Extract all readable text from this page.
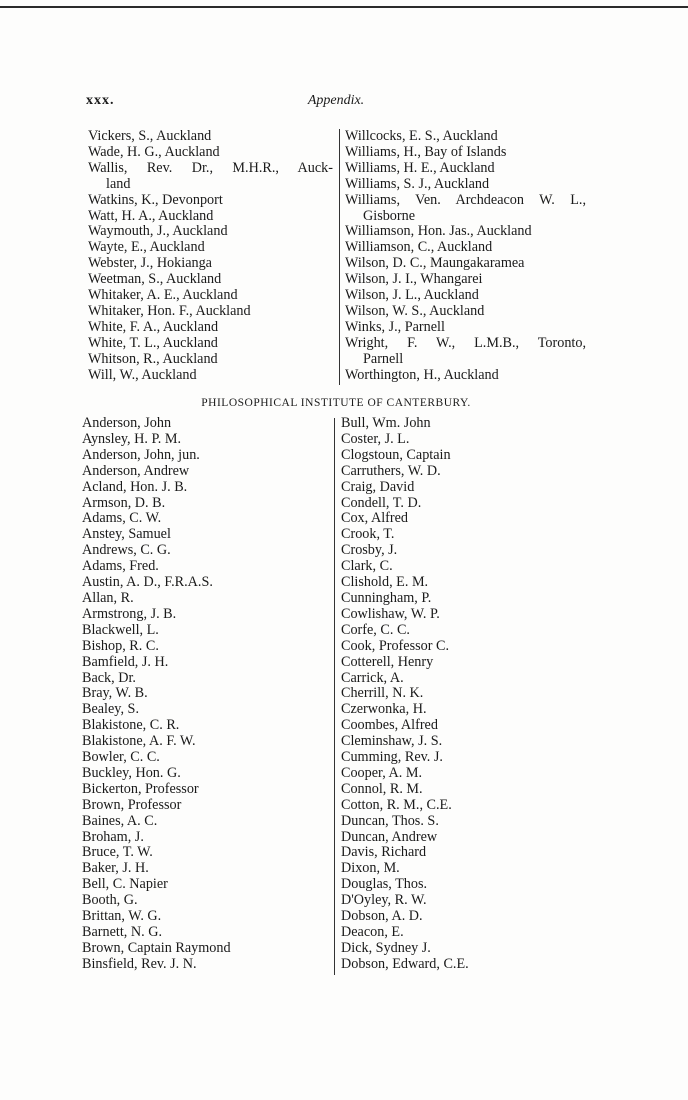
xxx.	Appendix.
Vickers, S., Auckland
Wade, H. G., Auckland
Wallis, Rev. Dr., M.H.R., Auck-
land
Watkins, K., Devonport
Watt, H. A., Auckland
Waymouth, J., Auckland
Wayte, E., Auckland
Webster, J., Hokianga
Weetman, S., Auckland
Whitaker, A. E., Auckland
Whitaker, Hon. F., Auckland
White, F. A., Auckland
White, T. L., Auckland
Whitson, R., Auckland
Will, W., Auckland
Willcocks, E. S., Auckland
Williams, H., Bay of Islands
Williams, H. E., Auckland
Williams, S. J., Auckland
Williams, Ven. Archdeacon W. L.,
Gisborne
Williamson, Hon. Jas., Auckland
Williamson, C., Auckland
Wilson, D. C., Maungakaramea
Wilson, J. I., Whangarei
Wilson, J. L., Auckland
Wilson, W. S., Auckland
Winks, J., Parnell
Wright, F. W., L.M.B., Toronto,
Parnell
Worthington, H., Auckland
PHILOSOPHICAL INSTITUTE OF CANTERBURY.
Anderson, John
Aynsley, H. P. M.
Anderson, John, jun.
Anderson, Andrew
Acland, Hon. J. B.
Armson, D. B.
Adams, C. W.
Anstey, Samuel
Andrews, C. G.
Adams, Fred.
Austin, A. D., F.R.A.S.
Allan, R.
Armstrong, J. B.
Blackwell, L.
Bishop, R. C.
Bamfield, J. H.
Back, Dr.
Bray, W. B.
Bealey, S.
Blakistone, C. R.
Blakistone, A. F. W.
Bowler, C. C.
Buckley, Hon. G.
Bickerton, Professor
Brown, Professor
Baines, A. C.
Broham, J.
Bruce, T. W.
Baker, J. H.
Bell, C. Napier
Booth, G.
Brittan, W. G.
Barnett, N. G.
Brown, Captain Raymond
Binsfield, Rev. J. N.
Bull, Wm. John
Coster, J. L.
Clogstoun, Captain
Carruthers, W. D.
Craig, David
Condell, T. D.
Cox, Alfred
Crook, T.
Crosby, J.
Clark, C.
Clishold, E. M.
Cunningham, P.
Cowlishaw, W. P.
Corfe, C. C.
Cook, Professor C.
Cotterell, Henry
Carrick, A.
Cherrill, N. K.
Czerwonka, H.
Coombes, Alfred
Cleminshaw, J. S.
Cumming, Rev. J.
Cooper, A. M.
Connol, R. M.
Cotton, R. M., C.E.
Duncan, Thos. S.
Duncan, Andrew
Davis, Richard
Dixon, M.
Douglas, Thos.
D'Oyley, R. W.
Dobson, A. D.
Deacon, E.
Dick, Sydney J.
Dobson, Edward, C.E.
